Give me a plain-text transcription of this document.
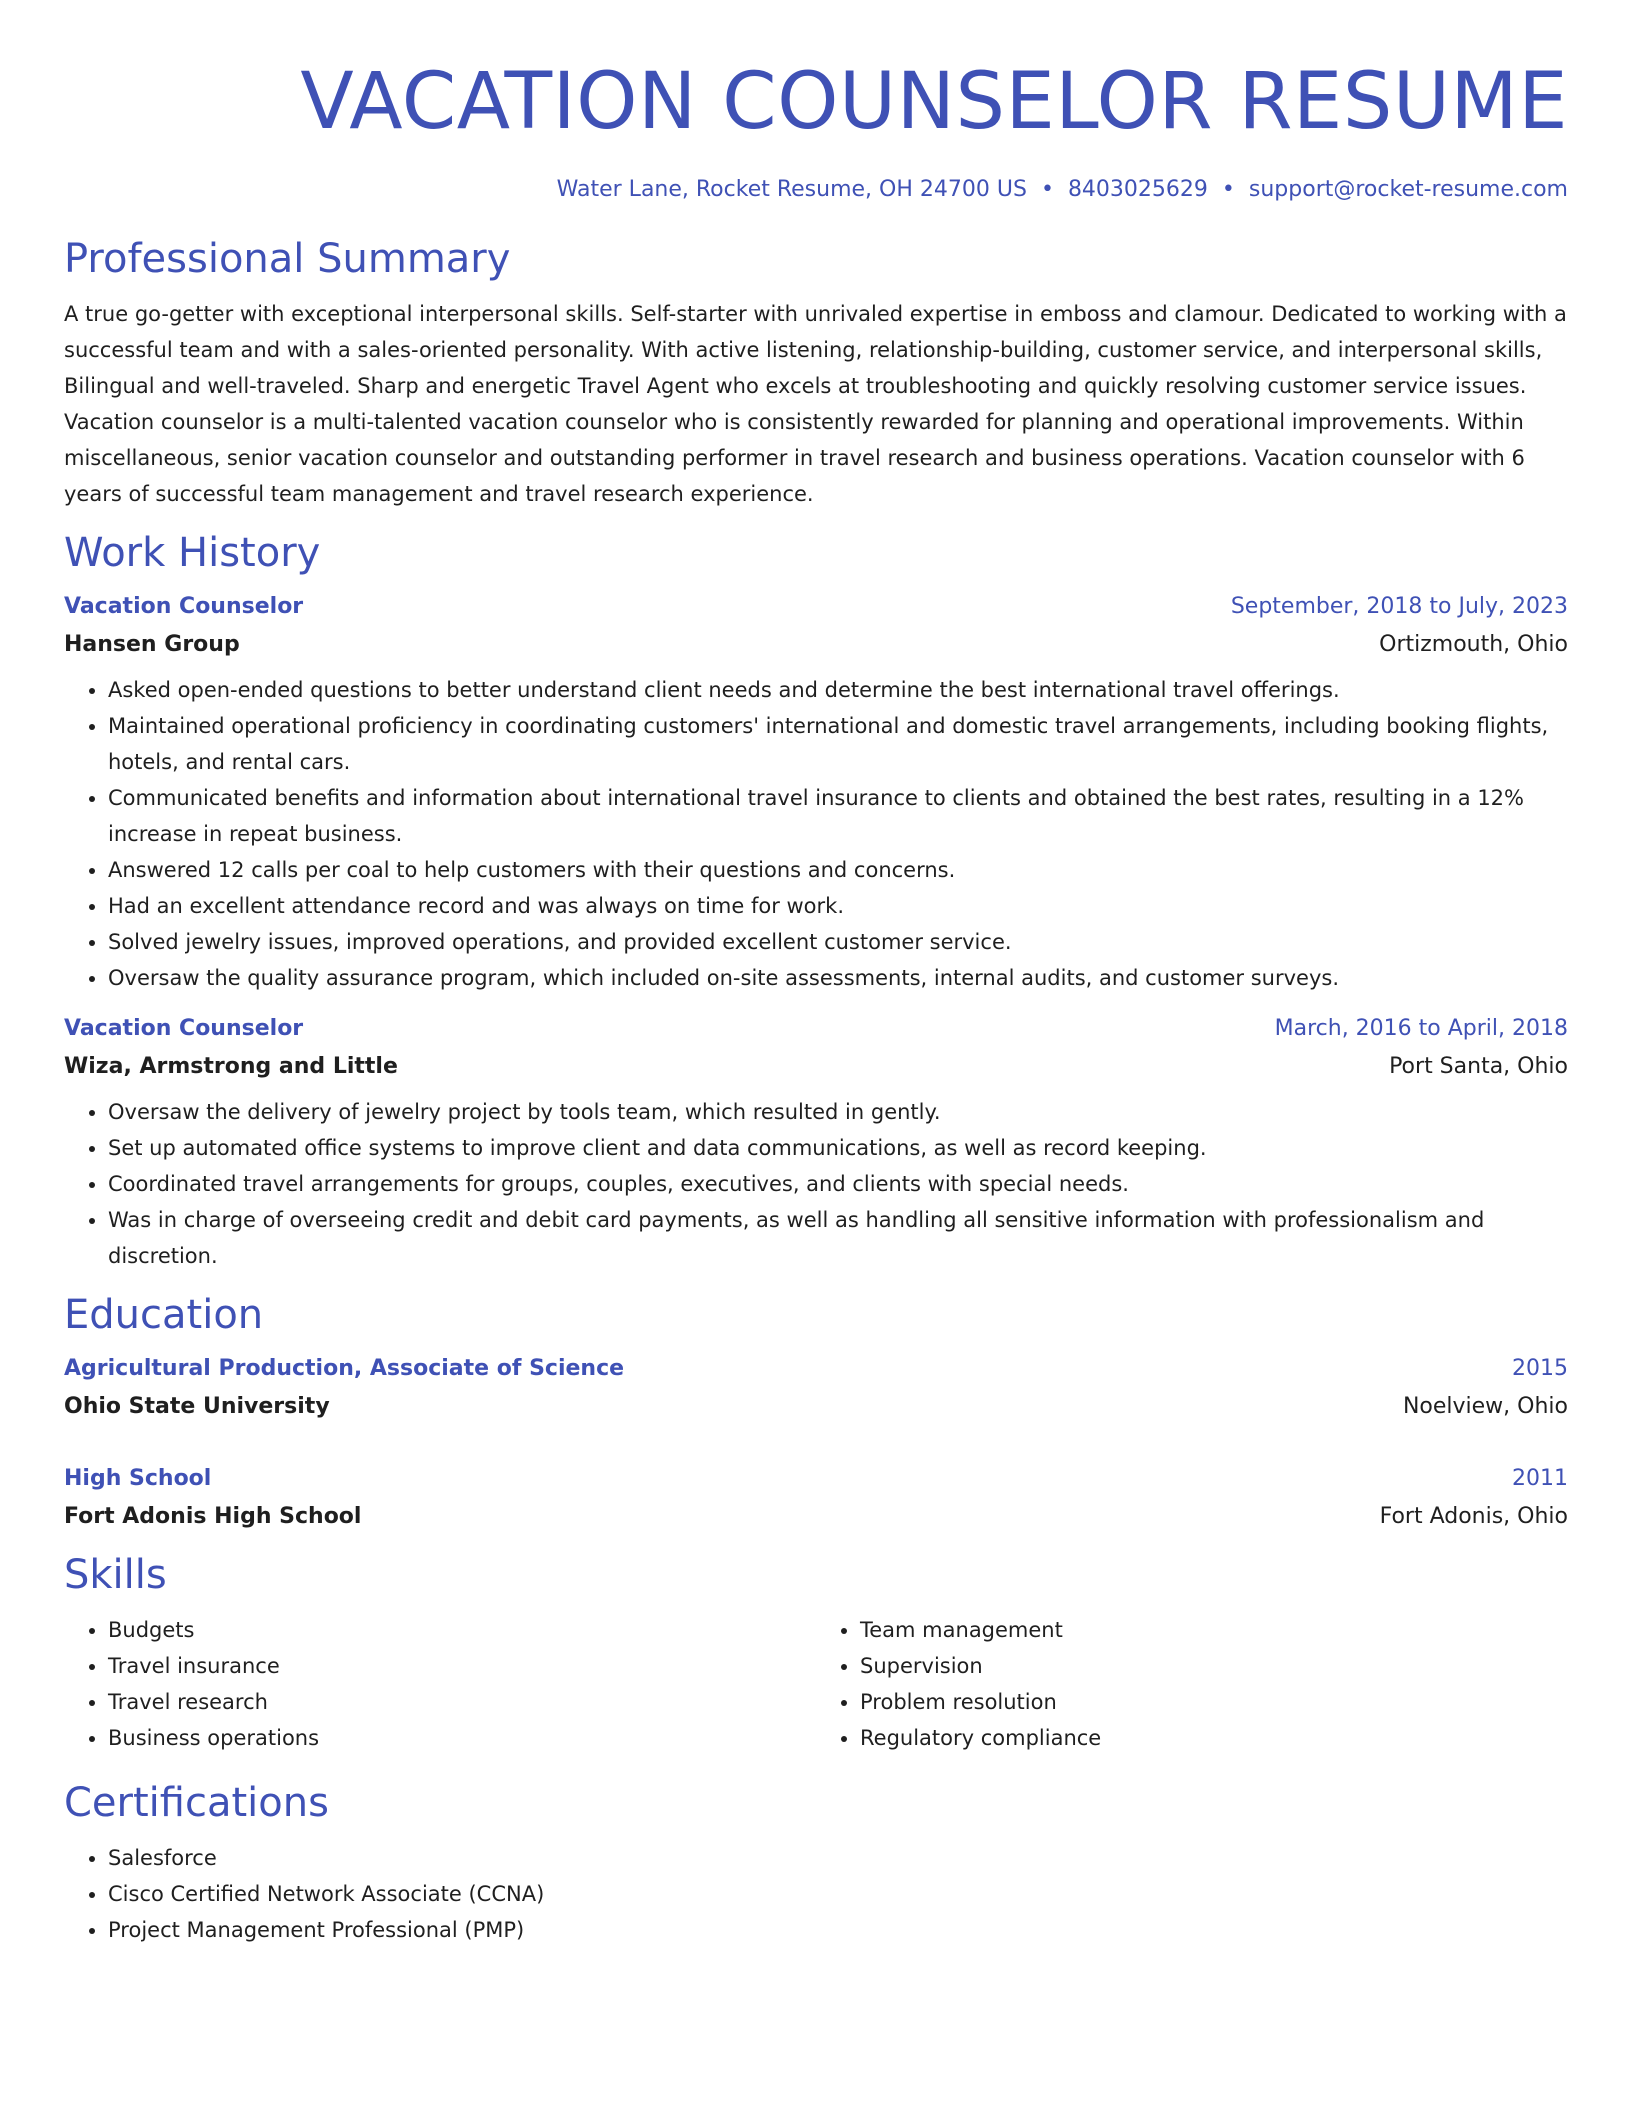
VACATION COUNSELOR RESUME
Water Lane, Rocket Resume, OH 24700 US • 8403025629 • support@rocket-resume.com
Professional Summary

A true go-getter with exceptional interpersonal skills. Self-starter with unrivaled expertise in emboss and clamour. Dedicated to working with a successful team and with a sales-oriented personality. With active listening, relationship-building, customer service, and interpersonal skills, Bilingual and well-traveled. Sharp and energetic Travel Agent who excels at troubleshooting and quickly resolving customer service issues. Vacation counselor is a multi-talented vacation counselor who is consistently rewarded for planning and operational improvements. Within miscellaneous, senior vacation counselor and outstanding performer in travel research and business operations. Vacation counselor with 6 years of successful team management and travel research experience.

Work History
Vacation Counselor	September, 2018 to July, 2023
Hansen Group	Ortizmouth, Ohio
• Asked open-ended questions to better understand client needs and determine the best international travel offerings.
• Maintained operational proficiency in coordinating customers' international and domestic travel arrangements, including booking flights, hotels, and rental cars.
• Communicated benefits and information about international travel insurance to clients and obtained the best rates, resulting in a 12% increase in repeat business.
• Answered 12 calls per coal to help customers with their questions and concerns.
• Had an excellent attendance record and was always on time for work.
• Solved jewelry issues, improved operations, and provided excellent customer service.
• Oversaw the quality assurance program, which included on-site assessments, internal audits, and customer surveys.
Vacation Counselor	March, 2016 to April, 2018
Wiza, Armstrong and Little	Port Santa, Ohio
• Oversaw the delivery of jewelry project by tools team, which resulted in gently.
• Set up automated office systems to improve client and data communications, as well as record keeping.
• Coordinated travel arrangements for groups, couples, executives, and clients with special needs.
• Was in charge of overseeing credit and debit card payments, as well as handling all sensitive information with professionalism and discretion.
Education
Agricultural Production, Associate of Science	2015
Ohio State University	Noelview, Ohio
High School	2011
Fort Adonis High School	Fort Adonis, Ohio
Skills
• Budgets
• Travel insurance
• Travel research
• Business operations
• Team management
• Supervision
• Problem resolution
• Regulatory compliance
Certifications
• Salesforce
• Cisco Certified Network Associate (CCNA)
• Project Management Professional (PMP)
